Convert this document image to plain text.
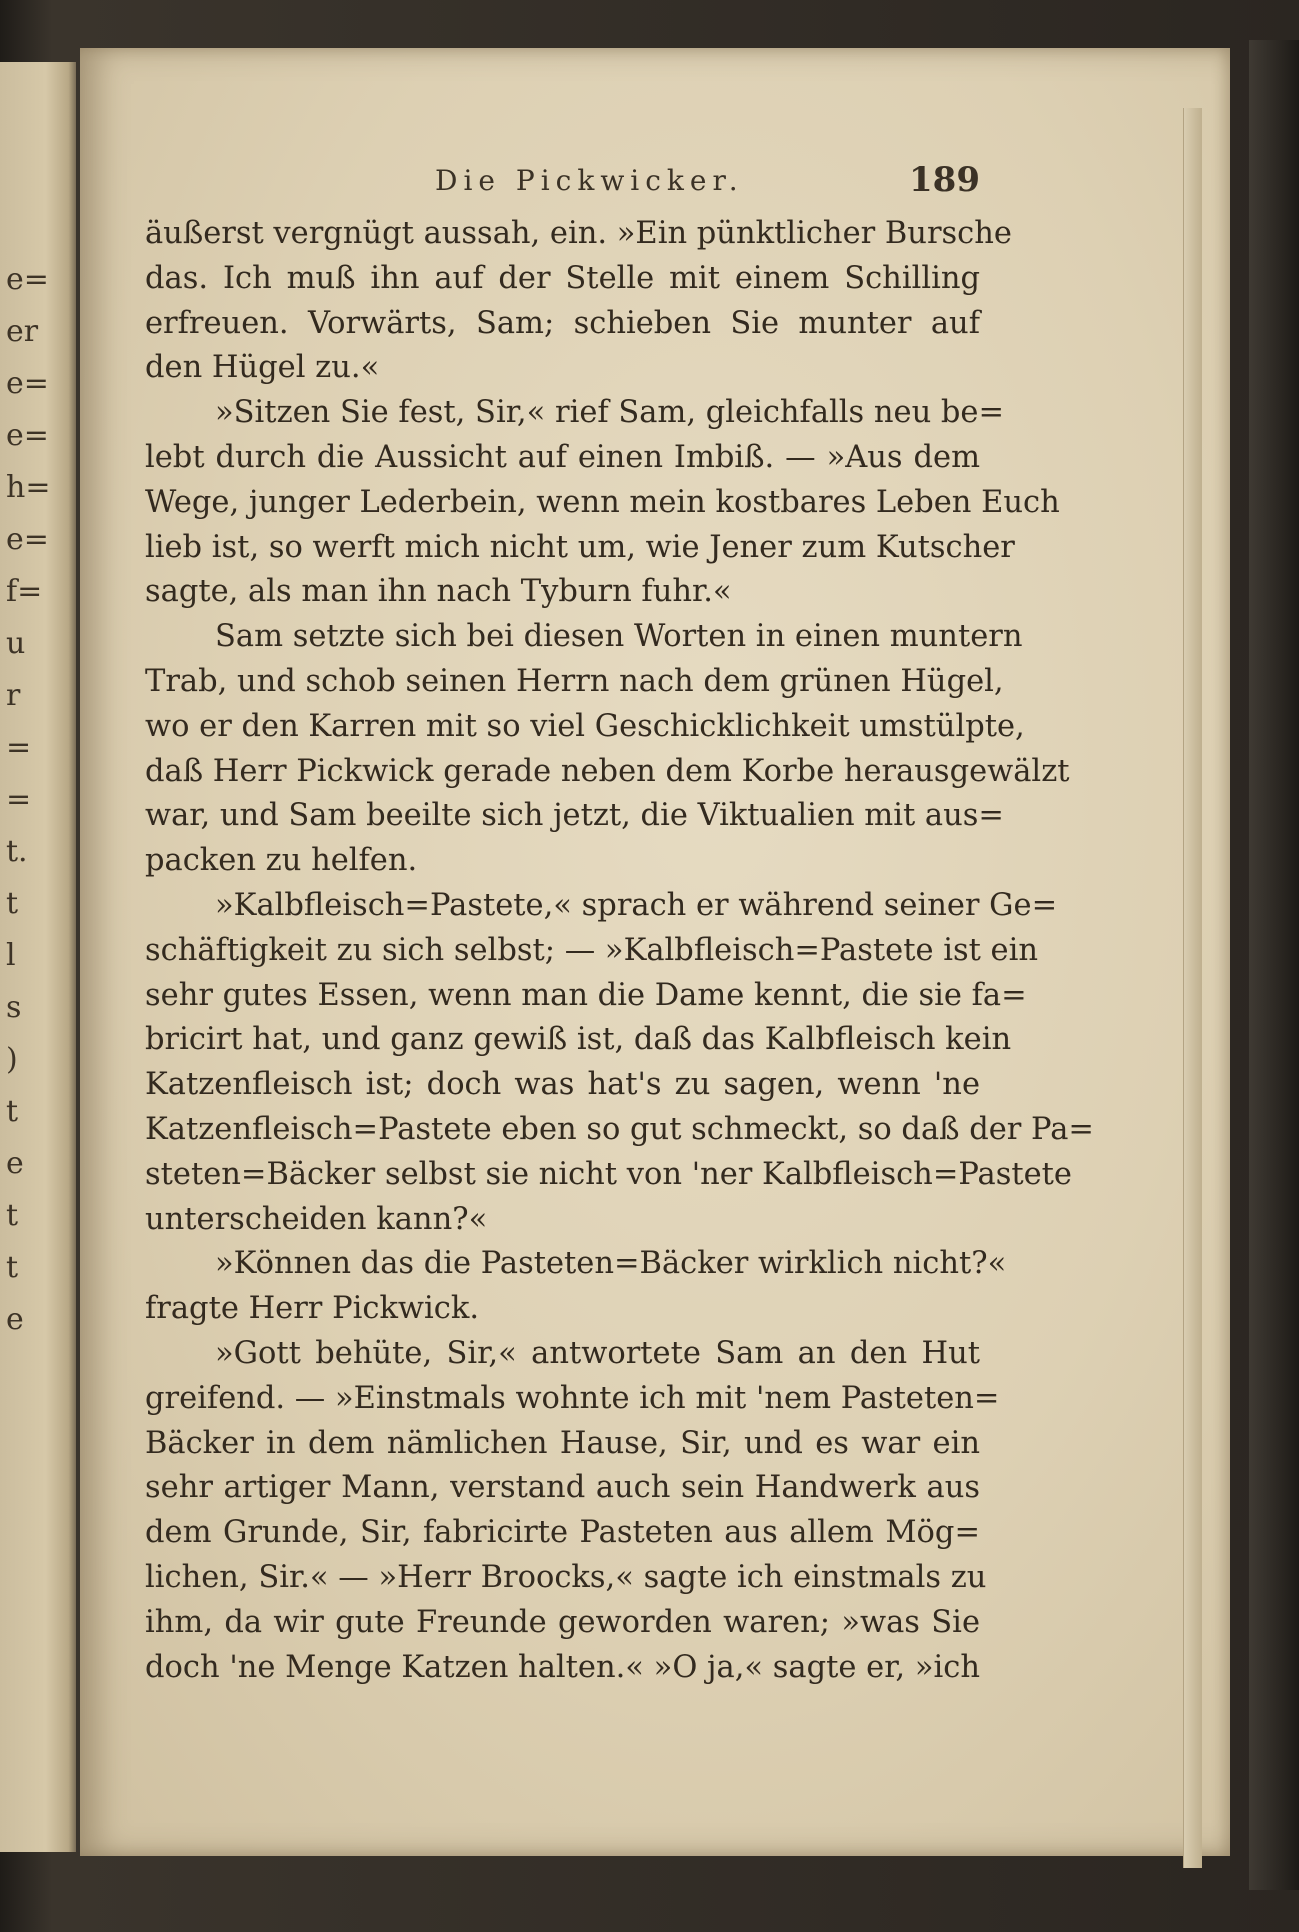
e=
er
e=
e=
h=
e=
f=
u
r
=
=
t.
t
l
s
)
t
e
t
t
e
Die Pickwicker.	189
äußerst vergnügt aussah, ein. »Ein pünktlicher Bursche
das. Ich muß ihn auf der Stelle mit einem Schilling
erfreuen. Vorwärts, Sam; schieben Sie munter auf
den Hügel zu.«
»Sitzen Sie fest, Sir,« rief Sam, gleichfalls neu be=
lebt durch die Aussicht auf einen Imbiß. — »Aus dem
Wege, junger Lederbein, wenn mein kostbares Leben Euch
lieb ist, so werft mich nicht um, wie Jener zum Kutscher
sagte, als man ihn nach Tyburn fuhr.«
Sam setzte sich bei diesen Worten in einen muntern
Trab, und schob seinen Herrn nach dem grünen Hügel,
wo er den Karren mit so viel Geschicklichkeit umstülpte,
daß Herr Pickwick gerade neben dem Korbe herausgewälzt
war, und Sam beeilte sich jetzt, die Viktualien mit aus=
packen zu helfen.
»Kalbfleisch=Pastete,« sprach er während seiner Ge=
schäftigkeit zu sich selbst; — »Kalbfleisch=Pastete ist ein
sehr gutes Essen, wenn man die Dame kennt, die sie fa=
bricirt hat, und ganz gewiß ist, daß das Kalbfleisch kein
Katzenfleisch ist; doch was hat's zu sagen, wenn 'ne
Katzenfleisch=Pastete eben so gut schmeckt, so daß der Pa=
steten=Bäcker selbst sie nicht von 'ner Kalbfleisch=Pastete
unterscheiden kann?«
»Können das die Pasteten=Bäcker wirklich nicht?«
fragte Herr Pickwick.
»Gott behüte, Sir,« antwortete Sam an den Hut
greifend. — »Einstmals wohnte ich mit 'nem Pasteten=
Bäcker in dem nämlichen Hause, Sir, und es war ein
sehr artiger Mann, verstand auch sein Handwerk aus
dem Grunde, Sir, fabricirte Pasteten aus allem Mög=
lichen, Sir.« — »Herr Broocks,« sagte ich einstmals zu
ihm, da wir gute Freunde geworden waren; »was Sie
doch 'ne Menge Katzen halten.« »O ja,« sagte er, »ich
